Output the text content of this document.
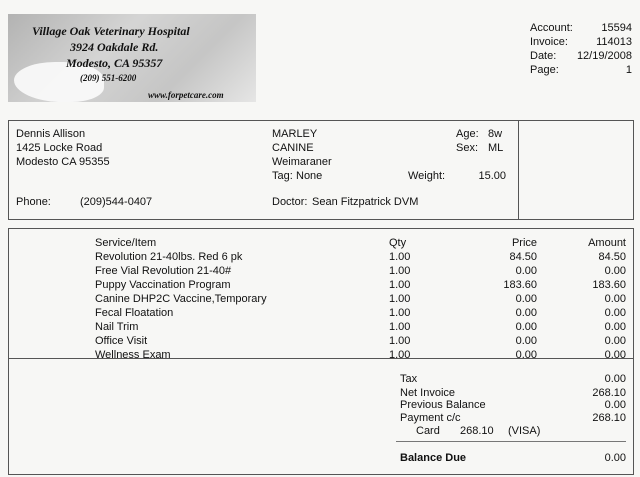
Village Oak Veterinary Hospital
3924 Oakdale Rd.
Modesto, CA 95357
(209) 551-6200
www.forpetcare.com
Account:	15594
Invoice:	114013
Date:	12/19/2008
Page:	1
Dennis Allison
1425 Locke Road
Modesto CA 95355
Phone:	(209)544-0407
MARLEY
CANINE
Weimaraner
Tag: None
Age: 8w
Sex: ML
Weight:	15.00
Doctor: Sean Fitzpatrick DVM
Service/Item	Qty	Price	Amount
Revolution 21-40lbs. Red 6 pk	1.00	84.50	84.50
Free Vial Revolution 21-40#	1.00	0.00	0.00
Puppy Vaccination Program	1.00	183.60	183.60
Canine DHP2C Vaccine,Temporary	1.00	0.00	0.00
Fecal Floatation	1.00	0.00	0.00
Nail Trim	1.00	0.00	0.00
Office Visit	1.00	0.00	0.00
Wellness Exam	1.00	0.00	0.00
Tax	0.00
Net Invoice	268.10
Previous Balance	0.00
Payment c/c	268.10
Card 268.10 (VISA)
Balance Due	0.00
